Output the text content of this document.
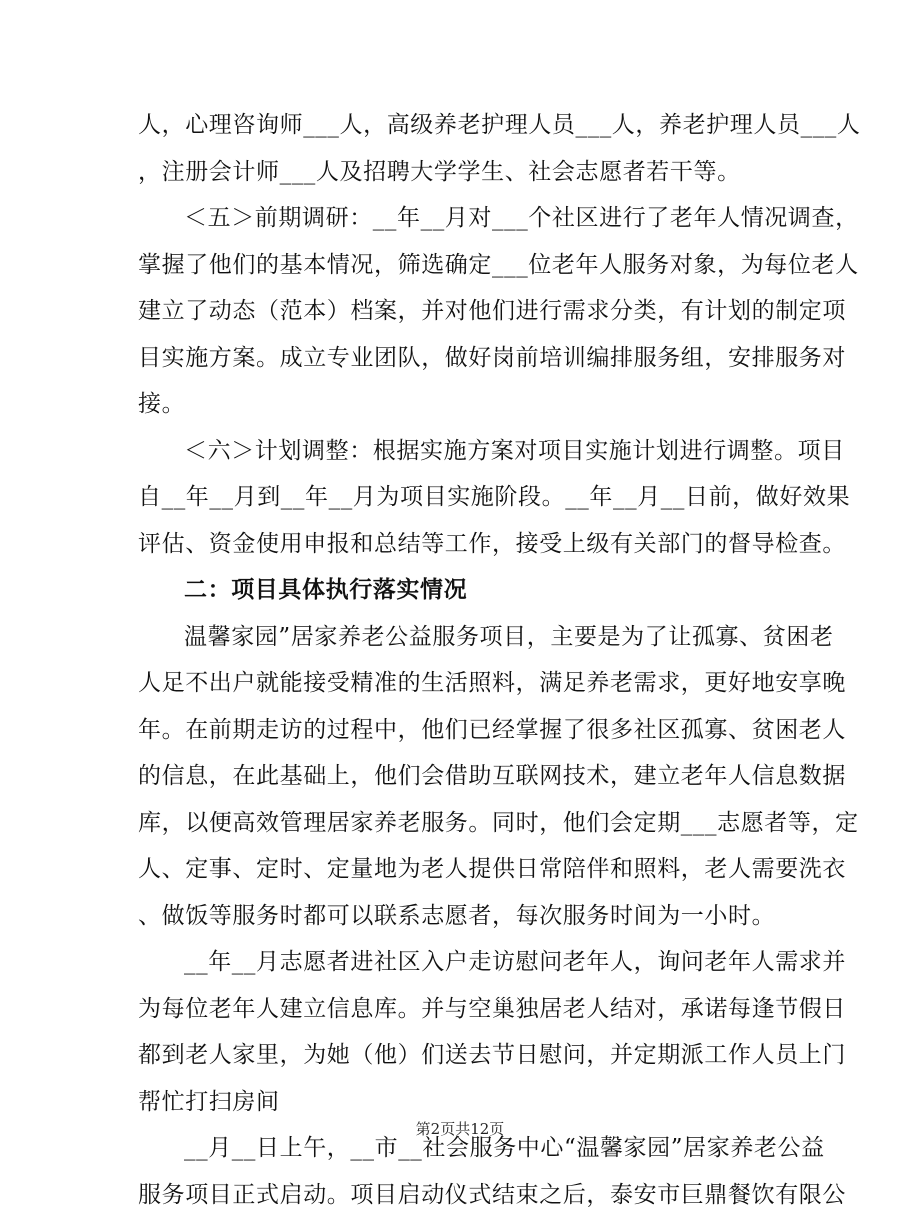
人，心理咨询师___人，高级养老护理人员___人，养老护理人员___人
，注册会计师___人及招聘大学学生、社会志愿者若干等。
＜五＞前期调研：__年__月对___个社区进行了老年人情况调查，
掌握了他们的基本情况，筛选确定___位老年人服务对象，为每位老人
建立了动态（范本）档案，并对他们进行需求分类，有计划的制定项
目实施方案。成立专业团队，做好岗前培训编排服务组，安排服务对
接。
＜六＞计划调整：根据实施方案对项目实施计划进行调整。项目
自__年__月到__年__月为项目实施阶段。__年__月__日前，做好效果
评估、资金使用申报和总结等工作，接受上级有关部门的督导检查。
二：项目具体执行落实情况
温馨家园”居家养老公益服务项目，主要是为了让孤寡、贫困老
人足不出户就能接受精准的生活照料，满足养老需求，更好地安享晚
年。在前期走访的过程中，他们已经掌握了很多社区孤寡、贫困老人
的信息，在此基础上，他们会借助互联网技术，建立老年人信息数据
库，以便高效管理居家养老服务。同时，他们会定期___志愿者等，定
人、定事、定时、定量地为老人提供日常陪伴和照料，老人需要洗衣
、做饭等服务时都可以联系志愿者，每次服务时间为一小时。
__年__月志愿者进社区入户走访慰问老年人，询问老年人需求并
为每位老年人建立信息库。并与空巢独居老人结对，承诺每逢节假日
都到老人家里，为她（他）们送去节日慰问，并定期派工作人员上门
帮忙打扫房间
__月__日上午，__市__社会服务中心“温馨家园”居家养老公益
服务项目正式启动。项目启动仪式结束之后，泰安市巨鼎餐饮有限公
第2页共12页
